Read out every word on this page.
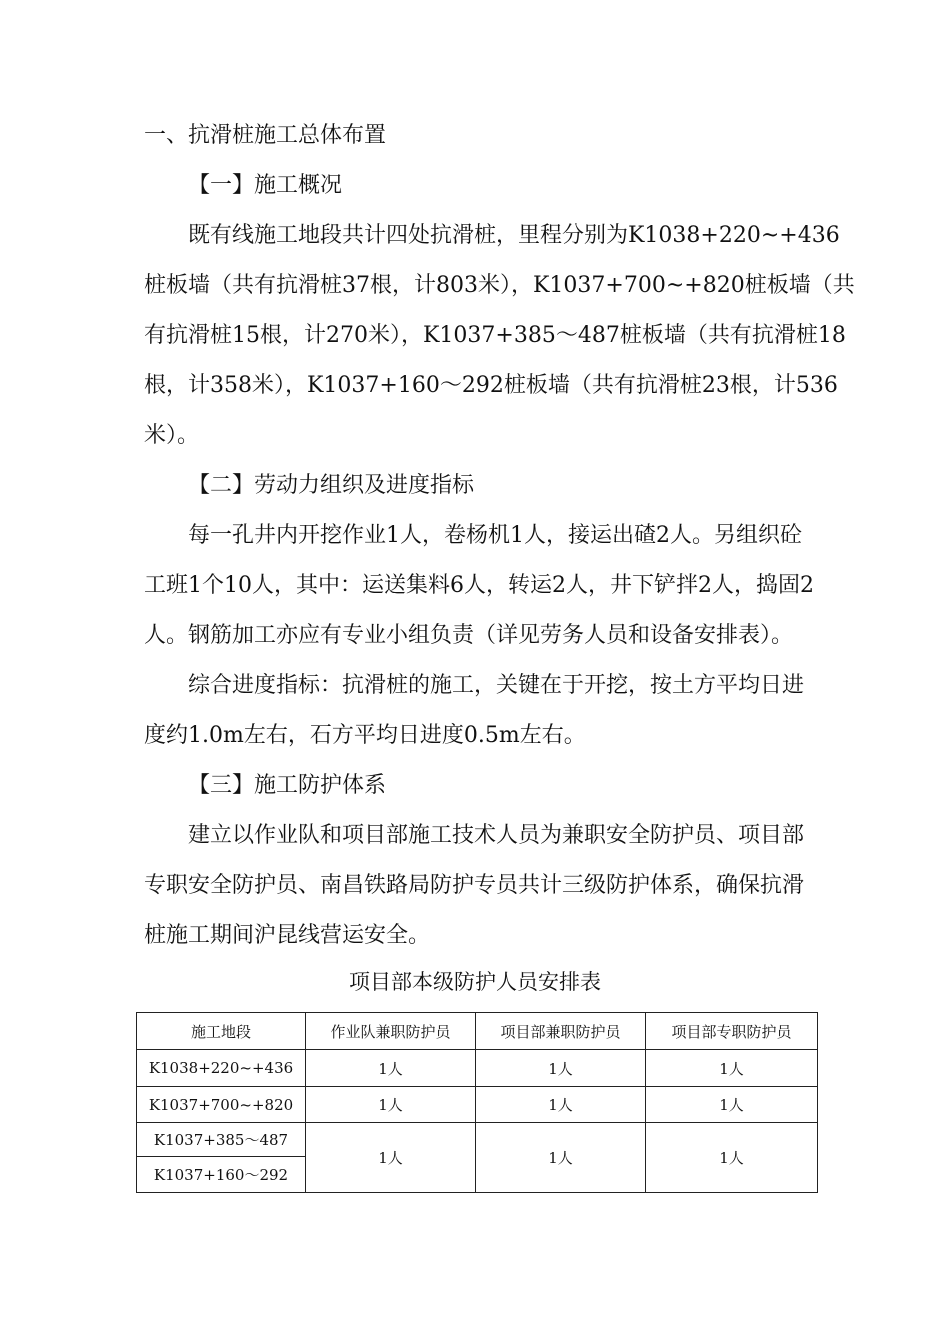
一、抗滑桩施工总体布置
【一】施工概况
既有线施工地段共计四处抗滑桩，里程分别为K1038+220~+436
桩板墙（共有抗滑桩37根，计803米），K1037+700~+820桩板墙（共
有抗滑桩15根，计270米），K1037+385～487桩板墙（共有抗滑桩18
根，计358米），K1037+160～292桩板墙（共有抗滑桩23根，计536
米）。
【二】劳动力组织及进度指标
每一孔井内开挖作业1人，卷杨机1人，接运出碴2人。另组织砼
工班1个10人，其中：运送集料6人，转运2人，井下铲拌2人，捣固2
人。钢筋加工亦应有专业小组负责（详见劳务人员和设备安排表）。
综合进度指标：抗滑桩的施工，关键在于开挖，按土方平均日进
度约1.0m左右，石方平均日进度0.5m左右。
【三】施工防护体系
建立以作业队和项目部施工技术人员为兼职安全防护员、项目部
专职安全防护员、南昌铁路局防护专员共计三级防护体系，确保抗滑
桩施工期间沪昆线营运安全。
项目部本级防护人员安排表
施工地段	作业队兼职防护员	项目部兼职防护员	项目部专职防护员
K1038+220~+436	1人	1人	1人
K1037+700~+820	1人	1人	1人
K1037+385～487	1人	1人	1人
K1037+160～292			
